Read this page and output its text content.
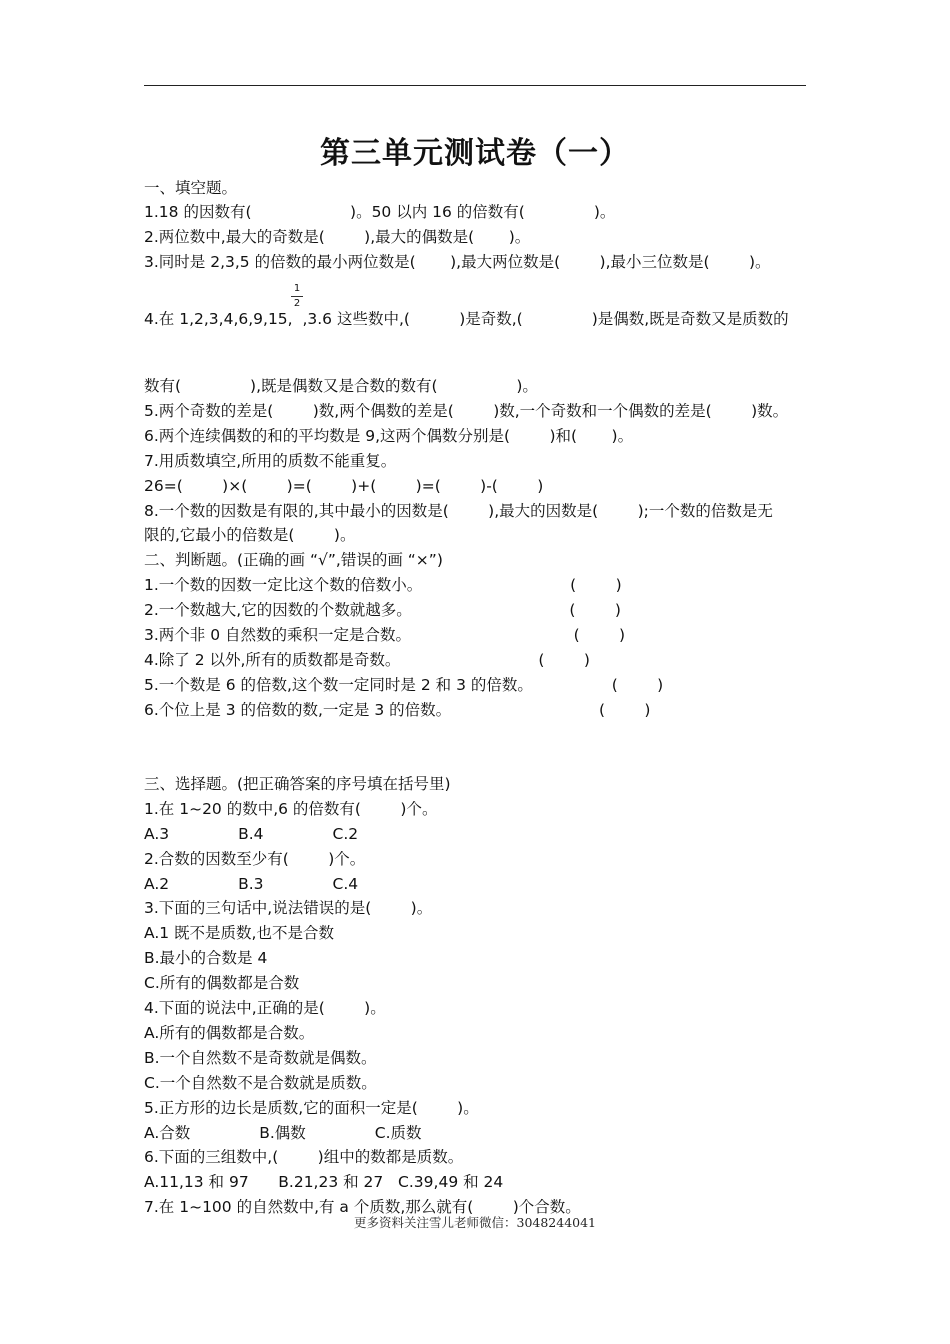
第三单元测试卷（一）
一、填空题。
1.18 的因数有(                    )。50 以内 16 的倍数有(              )。
2.两位数中,最大的奇数是(        ),最大的偶数是(       )。
3.同时是 2,3,5 的倍数的最小两位数是(       ),最大两位数是(        ),最小三位数是(        )。
1
2
4.在 1,2,3,4,6,9,15,  ,3.6 这些数中,(          )是奇数,(              )是偶数,既是奇数又是质数的
数有(              ),既是偶数又是合数的数有(                )。
5.两个奇数的差是(        )数,两个偶数的差是(        )数,一个奇数和一个偶数的差是(        )数。
6.两个连续偶数的和的平均数是 9,这两个偶数分别是(        )和(       )。
7.用质数填空,所用的质数不能重复。
26=(        )×(        )=(        )+(        )=(        )-(        )
8.一个数的因数是有限的,其中最小的因数是(        ),最大的因数是(        );一个数的倍数是无
限的,它最小的倍数是(        )。
二、判断题。(正确的画 “√”,错误的画 “×”)
1.一个数的因数一定比这个数的倍数小。                              (        )
2.一个数越大,它的因数的个数就越多。                                (        )
3.两个非 0 自然数的乘积一定是合数。                                 (        )
4.除了 2 以外,所有的质数都是奇数。                            (        )
5.一个数是 6 的倍数,这个数一定同时是 2 和 3 的倍数。                (        )
6.个位上是 3 的倍数的数,一定是 3 的倍数。                              (        )
三、选择题。(把正确答案的序号填在括号里)
1.在 1~20 的数中,6 的倍数有(        )个。
A.3              B.4              C.2
2.合数的因数至少有(        )个。
A.2              B.3              C.4
3.下面的三句话中,说法错误的是(        )。
A.1 既不是质数,也不是合数
B.最小的合数是 4
C.所有的偶数都是合数
4.下面的说法中,正确的是(        )。
A.所有的偶数都是合数。
B.一个自然数不是奇数就是偶数。
C.一个自然数不是合数就是质数。
5.正方形的边长是质数,它的面积一定是(        )。
A.合数              B.偶数              C.质数
6.下面的三组数中,(        )组中的数都是质数。
A.11,13 和 97      B.21,23 和 27   C.39,49 和 24
7.在 1~100 的自然数中,有 a 个质数,那么就有(        )个合数。
更多资料关注雪儿老师微信：3048244041
